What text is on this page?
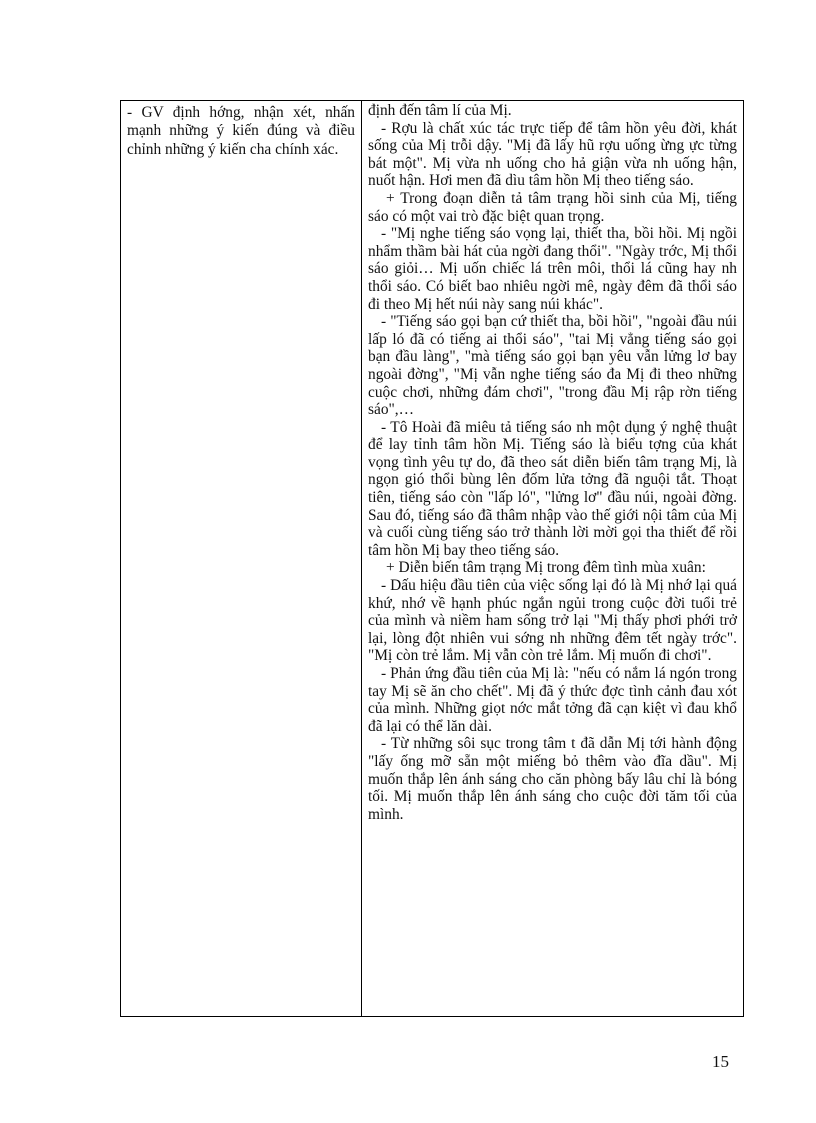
- GV định hớng, nhận xét, nhấn mạnh những ý kiến đúng và điều chỉnh những ý kiến cha chính xác.

định đến tâm lí của Mị.

- Rợu là chất xúc tác trực tiếp để tâm hồn yêu đời, khát sống của Mị trỗi dậy. "Mị đã lấy hũ rợu uống ừng ực từng bát một". Mị vừa nh uống cho hả giận vừa nh uống hận, nuốt hận. Hơi men đã dìu tâm hồn Mị theo tiếng sáo.

+ Trong đoạn diễn tả tâm trạng hồi sinh của Mị, tiếng sáo có một vai trò đặc biệt quan trọng.

- "Mị nghe tiếng sáo vọng lại, thiết tha, bồi hồi. Mị ngồi nhẩm thầm bài hát của ngời đang thổi". "Ngày trớc, Mị thổi sáo giỏi… Mị uốn chiếc lá trên môi, thổi lá cũng hay nh thổi sáo. Có biết bao nhiêu ngời mê, ngày đêm đã thổi sáo đi theo Mị hết núi này sang núi khác".

- "Tiếng sáo gọi bạn cứ thiết tha, bồi hồi", "ngoài đầu núi lấp ló đã có tiếng ai thổi sáo", "tai Mị vẳng tiếng sáo gọi bạn đầu làng", "mà tiếng sáo gọi bạn yêu vẫn lửng lơ bay ngoài đờng", "Mị vẫn nghe tiếng sáo đa Mị đi theo những cuộc chơi, những đám chơi", "trong đầu Mị rập rờn tiếng sáo",…

- Tô Hoài đã miêu tả tiếng sáo nh một dụng ý nghệ thuật để lay tỉnh tâm hồn Mị. Tiếng sáo là biểu tợng của khát vọng tình yêu tự do, đã theo sát diễn biến tâm trạng Mị, là ngọn gió thổi bùng lên đốm lửa tởng đã nguội tắt. Thoạt tiên, tiếng sáo còn "lấp ló", "lửng lơ" đầu núi, ngoài đờng. Sau đó, tiếng sáo đã thâm nhập vào thế giới nội tâm của Mị và cuối cùng tiếng sáo trở thành lời mời gọi tha thiết để rồi tâm hồn Mị bay theo tiếng sáo.

+ Diễn biến tâm trạng Mị trong đêm tình mùa xuân:

- Dấu hiệu đầu tiên của việc sống lại đó là Mị nhớ lại quá khứ, nhớ về hạnh phúc ngắn ngủi trong cuộc đời tuổi trẻ của mình và niềm ham sống trở lại "Mị thấy phơi phới trở lại, lòng đột nhiên vui sớng nh những đêm tết ngày trớc". "Mị còn trẻ lắm. Mị vẫn còn trẻ lắm. Mị muốn đi chơi".

- Phản ứng đầu tiên của Mị là: "nếu có nắm lá ngón trong tay Mị sẽ ăn cho chết". Mị đã ý thức đợc tình cảnh đau xót của mình. Những giọt nớc mắt tởng đã cạn kiệt vì đau khổ đã lại có thể lăn dài.

- Từ những sôi sục trong tâm t đã dẫn Mị tới hành động "lấy ống mỡ sẵn một miếng bỏ thêm vào đĩa dầu". Mị muốn thắp lên ánh sáng cho căn phòng bấy lâu chỉ là bóng tối. Mị muốn thắp lên ánh sáng cho cuộc đời tăm tối của mình.

15
